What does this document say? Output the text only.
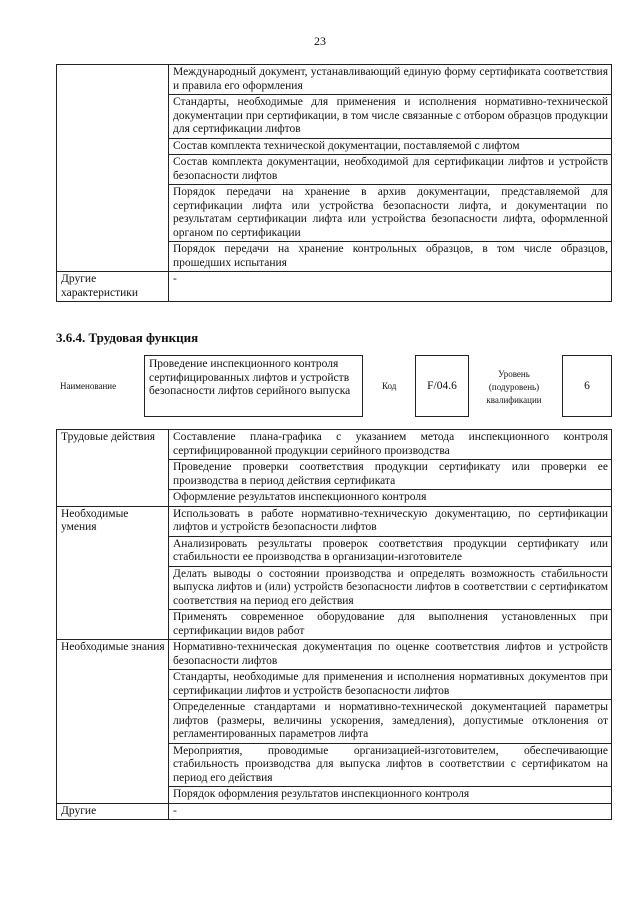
23
	Международный документ, устанавливающий единую форму сертификата соответствия и правила его оформления
	Стандарты, необходимые для применения и исполнения нормативно-технической документации при сертификации, в том числе связанные с отбором образцов продукции для сертификации лифтов
	Состав комплекта технической документации, поставляемой с лифтом
	Состав комплекта документации, необходимой для сертификации лифтов и устройств безопасности лифтов
	Порядок передачи на хранение в архив документации, представляемой для сертификации лифта или устройства безопасности лифта, и документации по результатам сертификации лифта или устройства безопасности лифта, оформленной органом по сертификации
	Порядок передачи на хранение контрольных образцов, в том числе образцов, прошедших испытания
Другие характеристики	-
3.6.4. Трудовая функция
Наименование
Проведение инспекционного контроля сертифицированных лифтов и устройств безопасности лифтов серийного выпуска	Код	F/04.6
Уровень (подуровень) квалификации
6
Трудовые действия	Составление плана-графика с указанием метода инспекционного контроля сертифицированной продукции серийного производства
	Проведение проверки соответствия продукции сертификату или проверки ее производства в период действия сертификата
	Оформление результатов инспекционного контроля
Необходимые умения	Использовать в работе нормативно-техническую документацию, по сертификации лифтов и устройств безопасности лифтов
	Анализировать результаты проверок соответствия продукции сертификату или стабильности ее производства в организации-изготовителе
	Делать выводы о состоянии производства и определять возможность стабильности выпуска лифтов и (или) устройств безопасности лифтов в соответствии с сертификатом соответствия на период его действия
	Применять современное оборудование для выполнения установленных при сертификации видов работ
Необходимые знания	Нормативно-техническая документация по оценке соответствия лифтов и устройств безопасности лифтов
	Стандарты, необходимые для применения и исполнения нормативных документов при сертификации лифтов и устройств безопасности лифтов
	Определенные стандартами и нормативно-технической документацией параметры лифтов (размеры, величины ускорения, замедления), допустимые отклонения от регламентированных параметров лифта
	Мероприятия, проводимые организацией-изготовителем, обеспечивающие стабильность производства для выпуска лифтов в соответствии с сертификатом на период его действия
	Порядок оформления результатов инспекционного контроля
Другие	-
